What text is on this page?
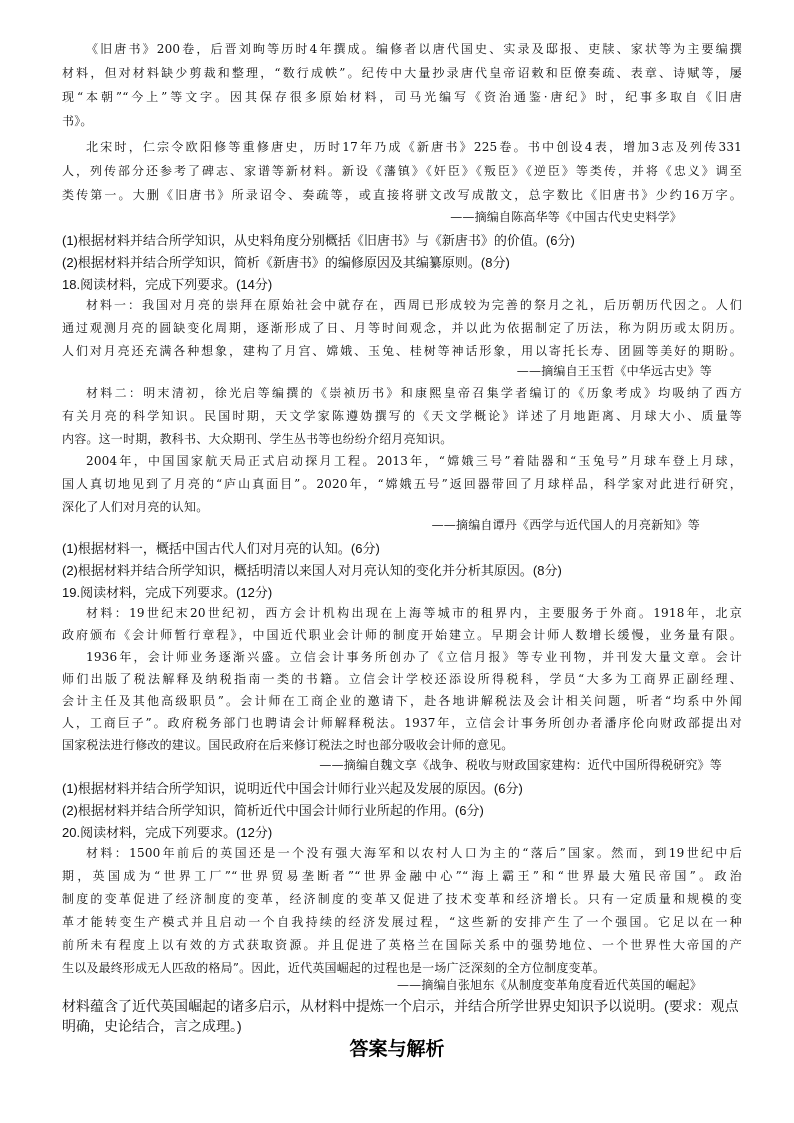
《旧唐书》200卷，后晋刘昫等历时4年撰成。编修者以唐代国史、实录及邸报、吏牍、家状等为主要编撰
材料，但对材料缺少剪裁和整理，“数行成帙”。纪传中大量抄录唐代皇帝诏敕和臣僚奏疏、表章、诗赋等，屡
现“本朝”“今上”等文字。因其保存很多原始材料，司马光编写《资治通鉴·唐纪》时，纪事多取自《旧唐
书》。
北宋时，仁宗令欧阳修等重修唐史，历时17年乃成《新唐书》225卷。书中创设4表，增加3志及列传331
人，列传部分还参考了碑志、家谱等新材料。新设《藩镇》《奸臣》《叛臣》《逆臣》等类传，并将《忠义》调至
类传第一。大删《旧唐书》所录诏令、奏疏等，或直接将骈文改写成散文，总字数比《旧唐书》少约16万字。
——摘编自陈高华等《中国古代史史料学》
(1)根据材料并结合所学知识，从史料角度分别概括《旧唐书》与《新唐书》的价值。(6分)
(2)根据材料并结合所学知识，简析《新唐书》的编修原因及其编纂原则。(8分)
18.阅读材料，完成下列要求。(14分)
材料一：我国对月亮的崇拜在原始社会中就存在，西周已形成较为完善的祭月之礼，后历朝历代因之。人们
通过观测月亮的圆缺变化周期，逐渐形成了日、月等时间观念，并以此为依据制定了历法，称为阴历或太阴历。
人们对月亮还充满各种想象，建构了月宫、嫦娥、玉兔、桂树等神话形象，用以寄托长寿、团圆等美好的期盼。
——摘编自王玉哲《中华远古史》等
材料二：明末清初，徐光启等编撰的《崇祯历书》和康熙皇帝召集学者编订的《历象考成》均吸纳了西方
有关月亮的科学知识。民国时期，天文学家陈遵妫撰写的《天文学概论》详述了月地距离、月球大小、质量等
内容。这一时期，教科书、大众期刊、学生丛书等也纷纷介绍月亮知识。
2004年，中国国家航天局正式启动探月工程。2013年，“嫦娥三号”着陆器和“玉兔号”月球车登上月球，
国人真切地见到了月亮的“庐山真面目”。2020年，“嫦娥五号”返回器带回了月球样品，科学家对此进行研究，
深化了人们对月亮的认知。
——摘编自谭丹《西学与近代国人的月亮新知》等
(1)根据材料一，概括中国古代人们对月亮的认知。(6分)
(2)根据材料并结合所学知识，概括明清以来国人对月亮认知的变化并分析其原因。(8分)
19.阅读材料，完成下列要求。(12分)
材料：19世纪末20世纪初，西方会计机构出现在上海等城市的租界内，主要服务于外商。1918年，北京
政府颁布《会计师暂行章程》，中国近代职业会计师的制度开始建立。早期会计师人数增长缓慢，业务量有限。
1936年，会计师业务逐渐兴盛。立信会计事务所创办了《立信月报》等专业刊物，并刊发大量文章。会计
师们出版了税法解释及纳税指南一类的书籍。立信会计学校还添设所得税科，学员“大多为工商界正副经理、
会计主任及其他高级职员”。会计师在工商企业的邀请下，赴各地讲解税法及会计相关问题，听者“均系中外闻
人，工商巨子”。政府税务部门也聘请会计师解释税法。1937年，立信会计事务所创办者潘序伦向财政部提出对
国家税法进行修改的建议。国民政府在后来修订税法之时也部分吸收会计师的意见。
——摘编自魏文享《战争、税收与财政国家建构：近代中国所得税研究》等
(1)根据材料并结合所学知识，说明近代中国会计师行业兴起及发展的原因。(6分)
(2)根据材料并结合所学知识，简析近代中国会计师行业所起的作用。(6分)
20.阅读材料，完成下列要求。(12分)
材料：1500年前后的英国还是一个没有强大海军和以农村人口为主的“落后”国家。然而，到19世纪中后
期，英国成为“世界工厂”“世界贸易垄断者”“世界金融中心”“海上霸王”和“世界最大殖民帝国”。政治
制度的变革促进了经济制度的变革，经济制度的变革又促进了技术变革和经济增长。只有一定质量和规模的变
革才能转变生产模式并且启动一个自我持续的经济发展过程，“这些新的安排产生了一个强国。它足以在一种
前所未有程度上以有效的方式获取资源。并且促进了英格兰在国际关系中的强势地位、一个世界性大帝国的产
生以及最终形成无人匹敌的格局”。因此，近代英国崛起的过程也是一场广泛深刻的全方位制度变革。
——摘编自张旭东《从制度变革角度看近代英国的崛起》
材料蕴含了近代英国崛起的诸多启示，从材料中提炼一个启示，并结合所学世界史知识予以说明。(要求：观点
明确，史论结合，言之成理。)
答案与解析
